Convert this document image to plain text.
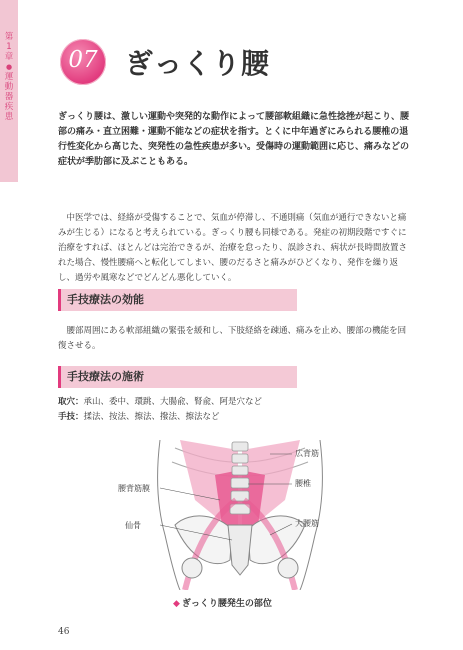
第1章
●
運動器疾患
07 ぎっくり腰
ぎっくり腰は、激しい運動や突発的な動作によって腰部軟組織に急性捻挫が起こり、腰部の痛み・直立困難・運動不能などの症状を指す。とくに中年過ぎにみられる腰椎の退行性変化から高じた、突発性の急性疾患が多い。受傷時の運動範囲に応じ、痛みなどの症状が季肋部に及ぶこともある。
中医学では、経絡が受傷することで、気血が停滞し、不通則痛（気血が通行できないと痛みが生じる）になると考えられている。ぎっくり腰も同様である。発症の初期段階ですぐに治療をすれば、ほとんどは完治できるが、治療を怠ったり、誤診され、病状が長時間放置された場合、慢性腰痛へと転化してしまい、腰のだるさと痛みがひどくなり、発作を繰り返し、過労や風寒などでどんどん悪化していく。
手技療法の効能
腰部周囲にある軟部組織の緊張を緩和し、下肢経絡を疎通、痛みを止め、腰部の機能を回復させる。
手技療法の施術
取穴：承山、委中、環跳、大腸兪、腎兪、阿是穴など
手技：揉法、按法、擦法、撥法、擦法など
広背筋
腰椎
腰背筋膜
仙骨	大腰筋
◆ ぎっくり腰発生の部位
46
